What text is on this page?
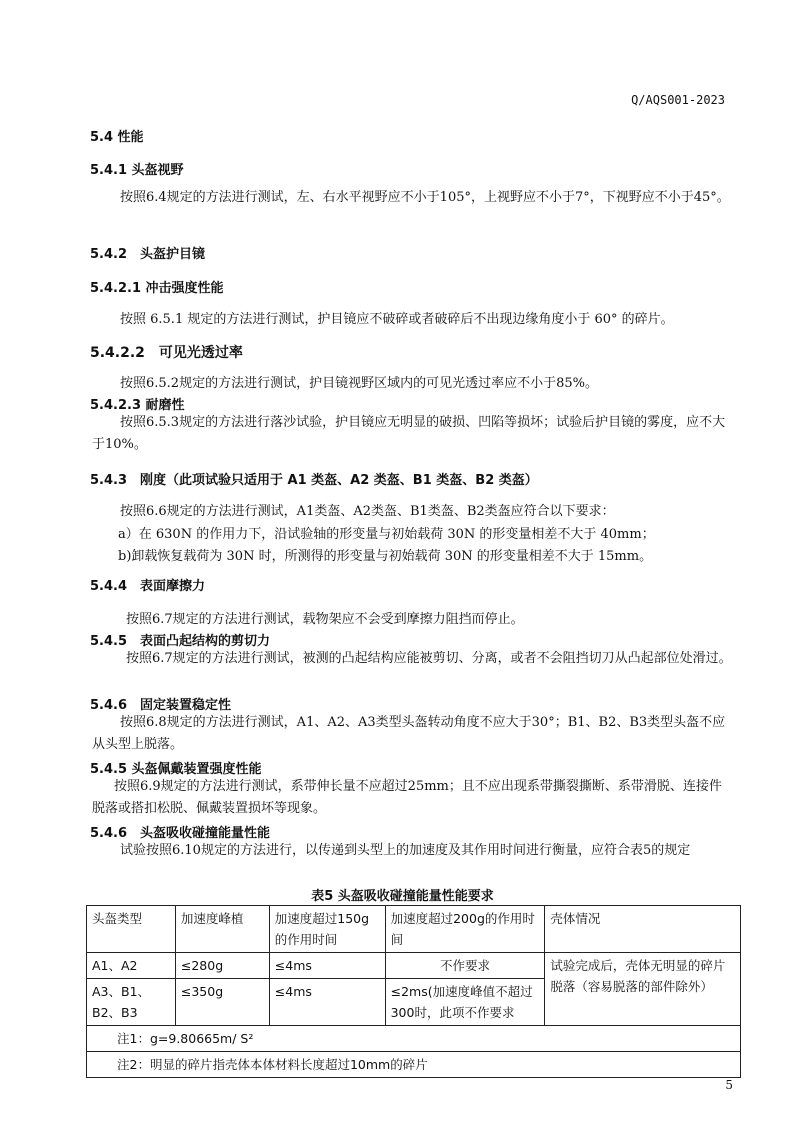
Q/AQS001-2023
5.4 性能
5.4.1 头盔视野
按照6.4规定的方法进行测试，左、右水平视野应不小于105°，上视野应不小于7°，下视野应不小于45°。
5.4.2　头盔护目镜
5.4.2.1 冲击强度性能
按照 6.5.1 规定的方法进行测试，护目镜应不破碎或者破碎后不出现边缘角度小于 60° 的碎片。
5.4.2.2　可见光透过率
按照6.5.2规定的方法进行测试，护目镜视野区域内的可见光透过率应不小于85%。
5.4.2.3 耐磨性
按照6.5.3规定的方法进行落沙试验，护目镜应无明显的破损、凹陷等损坏；试验后护目镜的雾度，应不大于10%。
5.4.3　刚度（此项试验只适用于 A1 类盔、A2 类盔、B1 类盔、B2 类盔）
按照6.6规定的方法进行测试，A1类盔、A2类盔、B1类盔、B2类盔应符合以下要求：
a）在 630N 的作用力下，沿试验轴的形变量与初始载荷 30N 的形变量相差不大于 40mm；
b)卸载恢复载荷为 30N 时，所测得的形变量与初始载荷 30N 的形变量相差不大于 15mm。
5.4.4　表面摩擦力
按照6.7规定的方法进行测试，载物架应不会受到摩擦力阻挡而停止。
5.4.5　表面凸起结构的剪切力
按照6.7规定的方法进行测试，被测的凸起结构应能被剪切、分离，或者不会阻挡切刀从凸起部位处滑过。
5.4.6　固定装置稳定性
按照6.8规定的方法进行测试，A1、A2、A3类型头盔转动角度不应大于30°；B1、B2、B3类型头盔不应从头型上脱落。
5.4.5 头盔佩戴装置强度性能
按照6.9规定的方法进行测试，系带伸长量不应超过25mm；且不应出现系带撕裂撕断、系带滑脱、连接件脱落或搭扣松脱、佩戴装置损坏等现象。
5.4.6　头盔吸收碰撞能量性能
试验按照6.10规定的方法进行，以传递到头型上的加速度及其作用时间进行衡量，应符合表5的规定
表5 头盔吸收碰撞能量性能要求
头盔类型	加速度峰植	加速度超过150g的作用时间	加速度超过200g的作用时间	壳体情况
A1、A2	≤280g	≤4ms	不作要求	试验完成后，壳体无明显的碎片脱落（容易脱落的部件除外）
A3、B1、B2、B3	≤350g	≤4ms	≤2ms(加速度峰值不超过300时，此项不作要求	
注1：g=9.80665m/ S²				
注2：明显的碎片指壳体本体材料长度超过10mm的碎片				
5
